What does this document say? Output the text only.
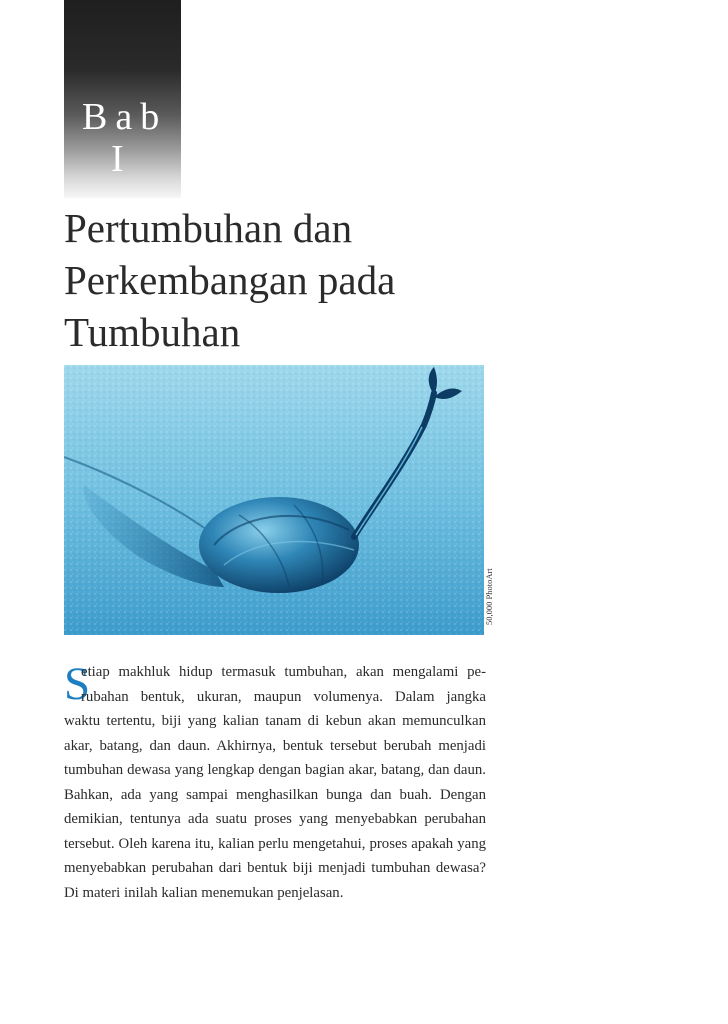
Bab
I
Pertumbuhan dan
Perkembangan pada
Tumbuhan
50,000 PhotoArt
S
etiap makhluk hidup termasuk tumbuhan, akan mengalami pe-
rubahan bentuk, ukuran, maupun volumenya. Dalam jangka
waktu tertentu, biji yang kalian tanam di kebun akan memunculkan
akar, batang, dan daun. Akhirnya, bentuk tersebut berubah menjadi
tumbuhan dewasa yang lengkap dengan bagian akar, batang, dan daun.
Bahkan, ada yang sampai menghasilkan bunga dan buah. Dengan
demikian, tentunya ada suatu proses yang menyebabkan perubahan
tersebut. Oleh karena itu, kalian perlu mengetahui, proses apakah yang
menyebabkan perubahan dari bentuk biji menjadi tumbuhan dewasa?
Di materi inilah kalian menemukan penjelasan.
